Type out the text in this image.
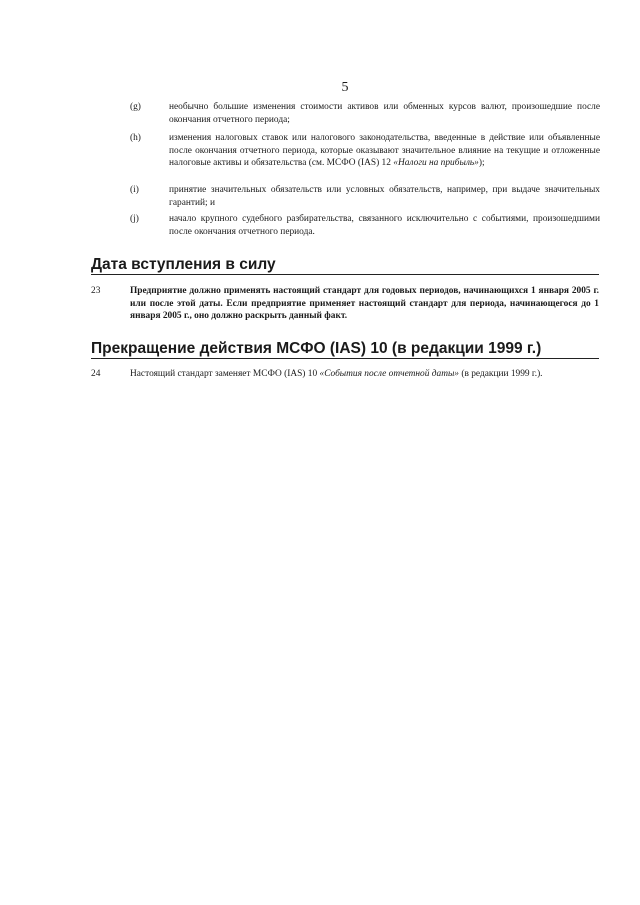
5
(g)	необычно большие изменения стоимости активов или обменных курсов валют, произошедшие после окончания отчетного периода;
(h)	изменения налоговых ставок или налогового законодательства, введенные в действие или объявленные после окончания отчетного периода, которые оказывают значительное влияние на текущие и отложенные налоговые активы и обязательства (см. МСФО (IAS) 12 «Налоги на прибыль»);
(i)	принятие значительных обязательств или условных обязательств, например, при выдаче значительных гарантий; и
(j)	начало крупного судебного разбирательства, связанного исключительно с событиями, произошедшими после окончания отчетного периода.
Дата вступления в силу
23	Предприятие должно применять настоящий стандарт для годовых периодов, начинающихся 1 января 2005 г. или после этой даты. Если предприятие применяет настоящий стандарт для периода, начинающегося до 1 января 2005 г., оно должно раскрыть данный факт.
Прекращение действия МСФО (IAS) 10 (в редакции 1999 г.)
24	Настоящий стандарт заменяет МСФО (IAS) 10 «События после отчетной даты» (в редакции 1999 г.).
